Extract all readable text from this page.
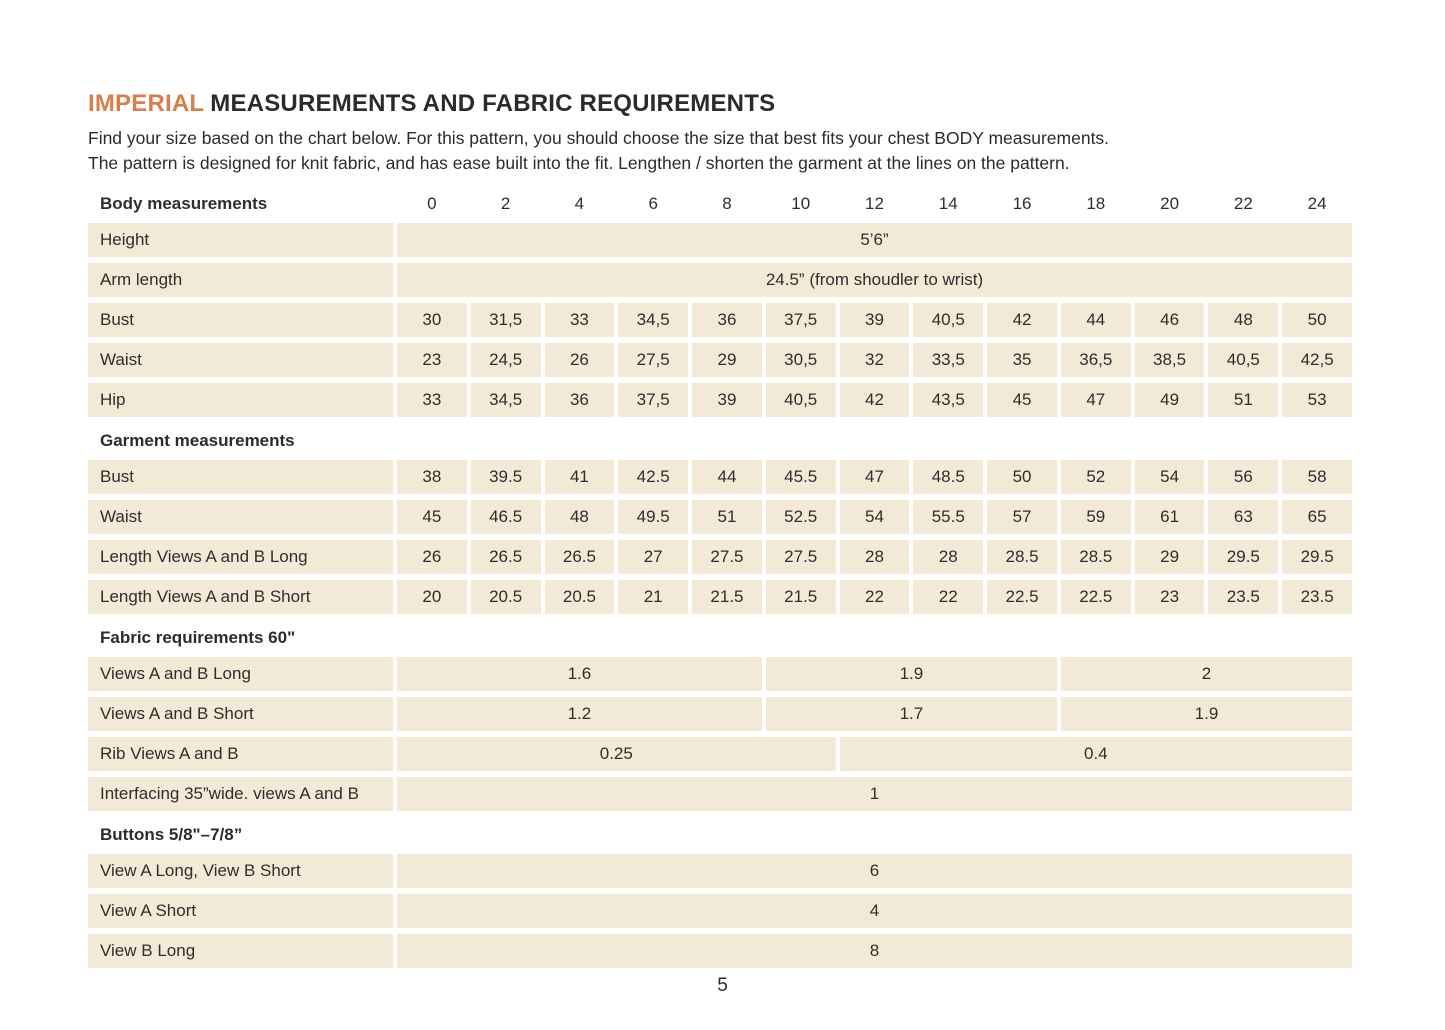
IMPERIAL MEASUREMENTS AND FABRIC REQUIREMENTS

Find your size based on the chart below. For this pattern, you should choose the size that best fits your chest BODY measurements.
The pattern is designed for knit fabric, and has ease built into the fit. Lengthen / shorten the garment at the lines on the pattern.

Body measurements	0	2	4	6	8	10	12	14	16	18	20	22	24
Height	5’6”
Arm length	24.5” (from shoudler to wrist)
Bust	30	31,5	33	34,5	36	37,5	39	40,5	42	44	46	48	50
Waist	23	24,5	26	27,5	29	30,5	32	33,5	35	36,5	38,5	40,5	42,5
Hip	33	34,5	36	37,5	39	40,5	42	43,5	45	47	49	51	53
Garment measurements
Bust	38	39.5	41	42.5	44	45.5	47	48.5	50	52	54	56	58
Waist	45	46.5	48	49.5	51	52.5	54	55.5	57	59	61	63	65
Length Views A and B Long	26	26.5	26.5	27	27.5	27.5	28	28	28.5	28.5	29	29.5	29.5
Length Views A and B Short	20	20.5	20.5	21	21.5	21.5	22	22	22.5	22.5	23	23.5	23.5
Fabric requirements 60"
Views A and B Long	1.6	1.9	2
Views A and B Short	1.2	1.7	1.9
Rib Views A and B	0.25	0.4
Interfacing 35”wide. views A and B	1
Buttons 5/8"–7/8”
View A Long, View B Short	6
View A Short	4
View B Long	8
5
